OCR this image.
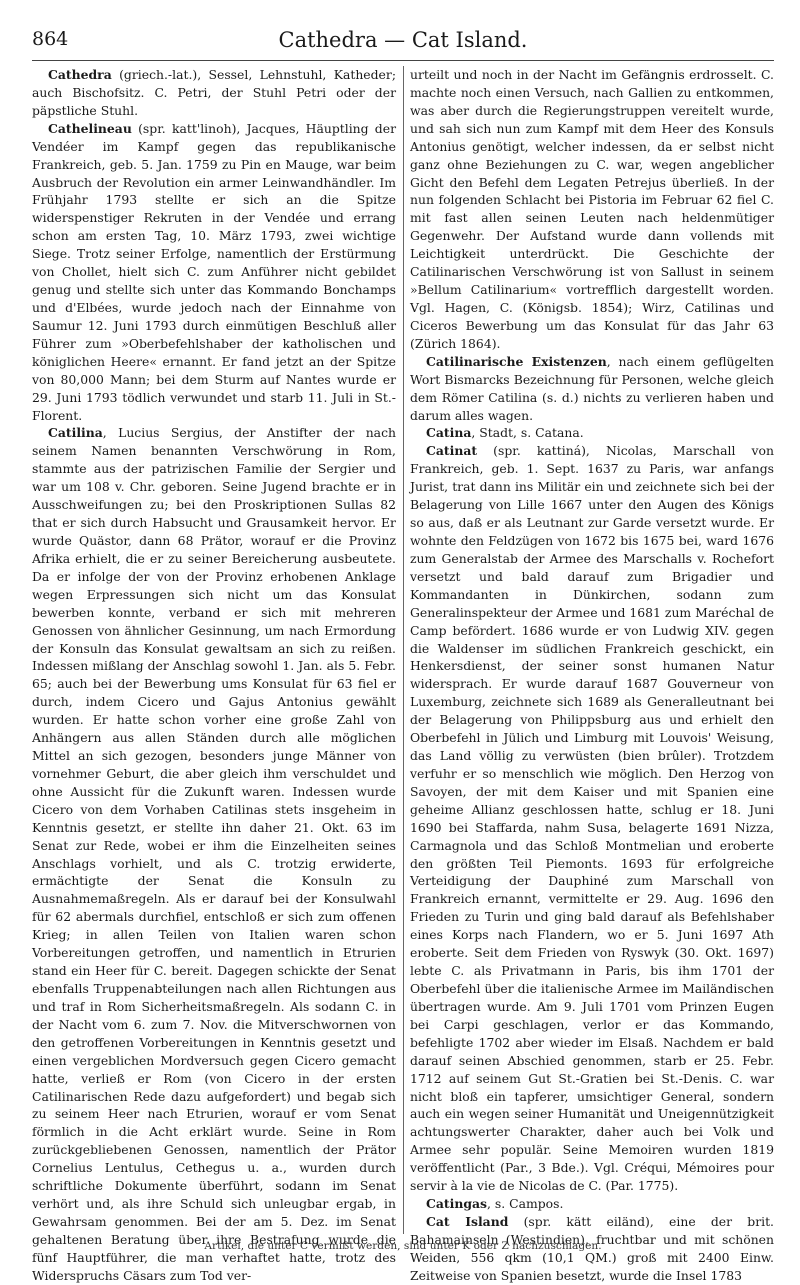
864	Cathedra — Cat Island.

Cathedra (griech.-lat.), Sessel, Lehnstuhl, Katheder; auch Bischofsitz. C. Petri, der Stuhl Petri oder der päpstliche Stuhl.

Cathelineau (spr. katt'linoh), Jacques, Häuptling der Vendéer im Kampf gegen das republikanische Frankreich, geb. 5. Jan. 1759 zu Pin en Mauge, war beim Ausbruch der Revolution ein armer Leinwandhändler. Im Frühjahr 1793 stellte er sich an die Spitze widerspenstiger Rekruten in der Vendée und errang schon am ersten Tag, 10. März 1793, zwei wichtige Siege. Trotz seiner Erfolge, namentlich der Erstürmung von Chollet, hielt sich C. zum Anführer nicht gebildet genug und stellte sich unter das Kommando Bonchamps und d'Elbées, wurde jedoch nach der Einnahme von Saumur 12. Juni 1793 durch einmütigen Beschluß aller Führer zum »Oberbefehlshaber der katholischen und königlichen Heere« ernannt. Er fand jetzt an der Spitze von 80,000 Mann; bei dem Sturm auf Nantes wurde er 29. Juni 1793 tödlich verwundet und starb 11. Juli in St.-Florent.

Catilina, Lucius Sergius, der Anstifter der nach seinem Namen benannten Verschwörung in Rom, stammte aus der patrizischen Familie der Sergier und war um 108 v. Chr. geboren. Seine Jugend brachte er in Ausschweifungen zu; bei den Proskriptionen Sullas 82 that er sich durch Habsucht und Grausamkeit hervor. Er wurde Quästor, dann 68 Prätor, worauf er die Provinz Afrika erhielt, die er zu seiner Bereicherung ausbeutete. Da er infolge der von der Provinz erhobenen Anklage wegen Erpressungen sich nicht um das Konsulat bewerben konnte, verband er sich mit mehreren Genossen von ähnlicher Gesinnung, um nach Ermordung der Konsuln das Konsulat gewaltsam an sich zu reißen. Indessen mißlang der Anschlag sowohl 1. Jan. als 5. Febr. 65; auch bei der Bewerbung ums Konsulat für 63 fiel er durch, indem Cicero und Gajus Antonius gewählt wurden. Er hatte schon vorher eine große Zahl von Anhängern aus allen Ständen durch alle möglichen Mittel an sich gezogen, besonders junge Männer von vornehmer Geburt, die aber gleich ihm verschuldet und ohne Aussicht für die Zukunft waren. Indessen wurde Cicero von dem Vorhaben Catilinas stets insgeheim in Kenntnis gesetzt, er stellte ihn daher 21. Okt. 63 im Senat zur Rede, wobei er ihm die Einzelheiten seines Anschlags vorhielt, und als C. trotzig erwiderte, ermächtigte der Senat die Konsuln zu Ausnahmemaßregeln. Als er darauf bei der Konsulwahl für 62 abermals durchfiel, entschloß er sich zum offenen Krieg; in allen Teilen von Italien waren schon Vorbereitungen getroffen, und namentlich in Etrurien stand ein Heer für C. bereit. Dagegen schickte der Senat ebenfalls Truppenabteilungen nach allen Richtungen aus und traf in Rom Sicherheitsmaßregeln. Als sodann C. in der Nacht vom 6. zum 7. Nov. die Mitverschwornen von den getroffenen Vorbereitungen in Kenntnis gesetzt und einen vergeblichen Mordversuch gegen Cicero gemacht hatte, verließ er Rom (von Cicero in der ersten Catilinarischen Rede dazu aufgefordert) und begab sich zu seinem Heer nach Etrurien, worauf er vom Senat förmlich in die Acht erklärt wurde. Seine in Rom zurückgebliebenen Genossen, namentlich der Prätor Cornelius Lentulus, Cethegus u. a., wurden durch schriftliche Dokumente überführt, sodann im Senat verhört und, als ihre Schuld sich unleugbar ergab, in Gewahrsam genommen. Bei der am 5. Dez. im Senat gehaltenen Beratung über ihre Bestrafung wurde die fünf Hauptführer, die man verhaftet hatte, trotz des Widerspruchs Cäsars zum Tod ver-

urteilt und noch in der Nacht im Gefängnis erdrosselt. C. machte noch einen Versuch, nach Gallien zu entkommen, was aber durch die Regierungstruppen vereitelt wurde, und sah sich nun zum Kampf mit dem Heer des Konsuls Antonius genötigt, welcher indessen, da er selbst nicht ganz ohne Beziehungen zu C. war, wegen angeblicher Gicht den Befehl dem Legaten Petrejus überließ. In der nun folgenden Schlacht bei Pistoria im Februar 62 fiel C. mit fast allen seinen Leuten nach heldenmütiger Gegenwehr. Der Aufstand wurde dann vollends mit Leichtigkeit unterdrückt. Die Geschichte der Catilinarischen Verschwörung ist von Sallust in seinem »Bellum Catilinarium« vortrefflich dargestellt worden. Vgl. Hagen, C. (Königsb. 1854); Wirz, Catilinas und Ciceros Bewerbung um das Konsulat für das Jahr 63 (Zürich 1864).

Catilinarische Existenzen, nach einem geflügelten Wort Bismarcks Bezeichnung für Personen, welche gleich dem Römer Catilina (s. d.) nichts zu verlieren haben und darum alles wagen.

Catina, Stadt, s. Catana.

Catinat (spr. kattiná), Nicolas, Marschall von Frankreich, geb. 1. Sept. 1637 zu Paris, war anfangs Jurist, trat dann ins Militär ein und zeichnete sich bei der Belagerung von Lille 1667 unter den Augen des Königs so aus, daß er als Leutnant zur Garde versetzt wurde. Er wohnte den Feldzügen von 1672 bis 1675 bei, ward 1676 zum Generalstab der Armee des Marschalls v. Rochefort versetzt und bald darauf zum Brigadier und Kommandanten in Dünkirchen, sodann zum Generalinspekteur der Armee und 1681 zum Maréchal de Camp befördert. 1686 wurde er von Ludwig XIV. gegen die Waldenser im südlichen Frankreich geschickt, ein Henkersdienst, der seiner sonst humanen Natur widersprach. Er wurde darauf 1687 Gouverneur von Luxemburg, zeichnete sich 1689 als Generalleutnant bei der Belagerung von Philippsburg aus und erhielt den Oberbefehl in Jülich und Limburg mit Louvois' Weisung, das Land völlig zu verwüsten (bien brûler). Trotzdem verfuhr er so menschlich wie möglich. Den Herzog von Savoyen, der mit dem Kaiser und mit Spanien eine geheime Allianz geschlossen hatte, schlug er 18. Juni 1690 bei Staffarda, nahm Susa, belagerte 1691 Nizza, Carmagnola und das Schloß Montmelian und eroberte den größten Teil Piemonts. 1693 für erfolgreiche Verteidigung der Dauphiné zum Marschall von Frankreich ernannt, vermittelte er 29. Aug. 1696 den Frieden zu Turin und ging bald darauf als Befehlshaber eines Korps nach Flandern, wo er 5. Juni 1697 Ath eroberte. Seit dem Frieden von Ryswyk (30. Okt. 1697) lebte C. als Privatmann in Paris, bis ihm 1701 der Oberbefehl über die italienische Armee im Mailändischen übertragen wurde. Am 9. Juli 1701 vom Prinzen Eugen bei Carpi geschlagen, verlor er das Kommando, befehligte 1702 aber wieder im Elsaß. Nachdem er bald darauf seinen Abschied genommen, starb er 25. Febr. 1712 auf seinem Gut St.-Gratien bei St.-Denis. C. war nicht bloß ein tapferer, umsichtiger General, sondern auch ein wegen seiner Humanität und Uneigennützigkeit achtungswerter Charakter, daher auch bei Volk und Armee sehr populär. Seine Memoiren wurden 1819 veröffentlicht (Par., 3 Bde.). Vgl. Créqui, Mémoires pour servir à la vie de Nicolas de C. (Par. 1775).

Catingas, s. Campos.

Cat Island (spr. kätt eiländ), eine der brit. Bahamainseln (Westindien), fruchtbar und mit schönen Weiden, 556 qkm (10,1 QM.) groß mit 2400 Einw. Zeitweise von Spanien besetzt, wurde die Insel 1783

Artikel, die unter C vermißt werden, sind unter K oder Z nachzuschlagen.
